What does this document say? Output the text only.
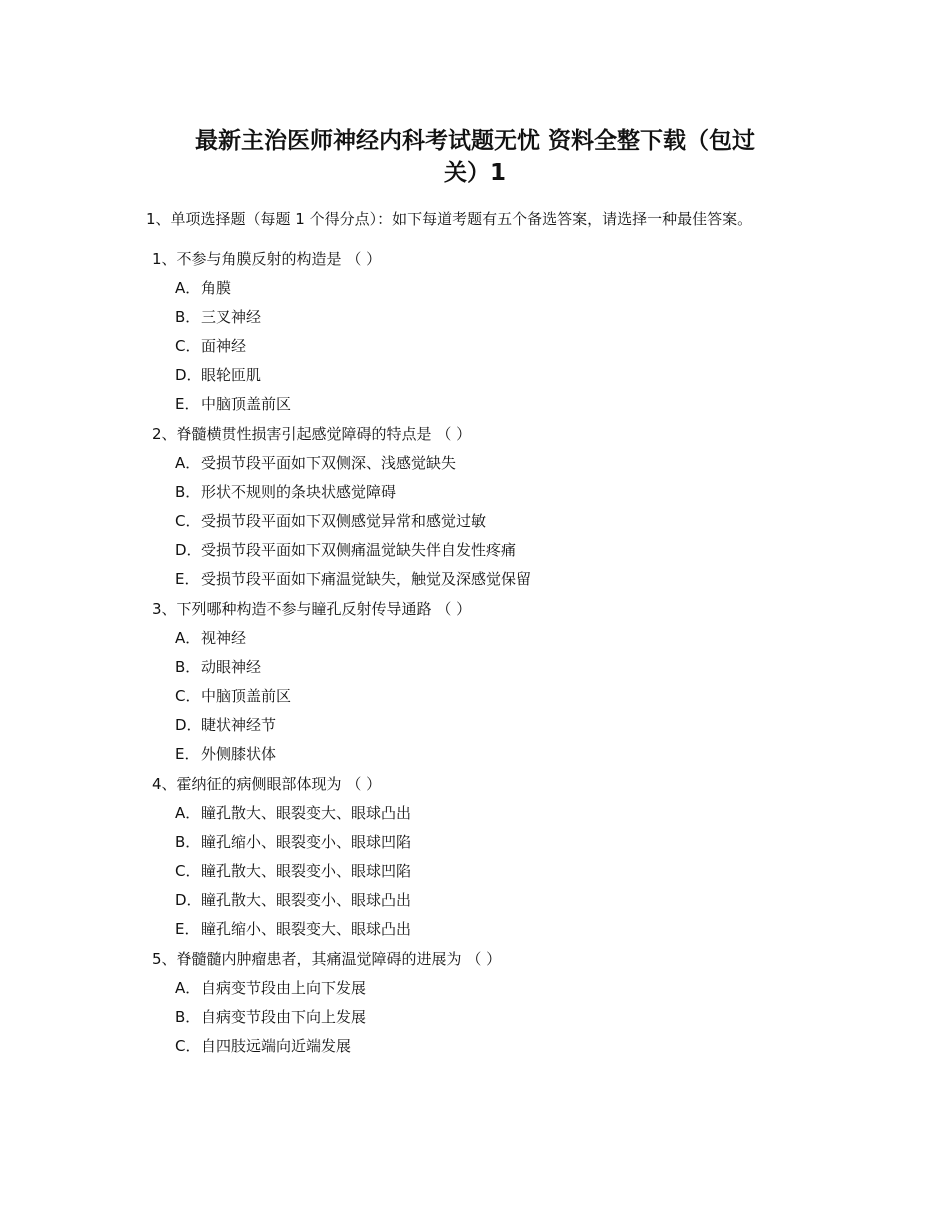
最新主治医师神经内科考试题无忧 资料全整下载（包过
关）1
1、单项选择题（每题 1 个得分点）：如下每道考题有五个备选答案，请选择一种最佳答案。
1、不参与角膜反射的构造是 （ ）
A．角膜
B．三叉神经
C．面神经
D．眼轮匝肌
E． 中脑顶盖前区
2、脊髓横贯性损害引起感觉障碍的特点是 （ ）
A．受损节段平面如下双侧深、浅感觉缺失
B．形状不规则的条块状感觉障碍
C．受损节段平面如下双侧感觉异常和感觉过敏
D．受损节段平面如下双侧痛温觉缺失伴自发性疼痛
E． 受损节段平面如下痛温觉缺失，触觉及深感觉保留
3、下列哪种构造不参与瞳孔反射传导通路 （ ）
A．视神经
B．动眼神经
C．中脑顶盖前区
D．睫状神经节
E． 外侧膝状体
4、霍纳征的病侧眼部体现为 （ ）
A．瞳孔散大、眼裂变大、眼球凸出
B．瞳孔缩小、眼裂变小、眼球凹陷
C．瞳孔散大、眼裂变小、眼球凹陷
D．瞳孔散大、眼裂变小、眼球凸出
E． 瞳孔缩小、眼裂变大、眼球凸出
5、脊髓髓内肿瘤患者，其痛温觉障碍的进展为 （ ）
A．自病变节段由上向下发展
B．自病变节段由下向上发展
C．自四肢远端向近端发展
